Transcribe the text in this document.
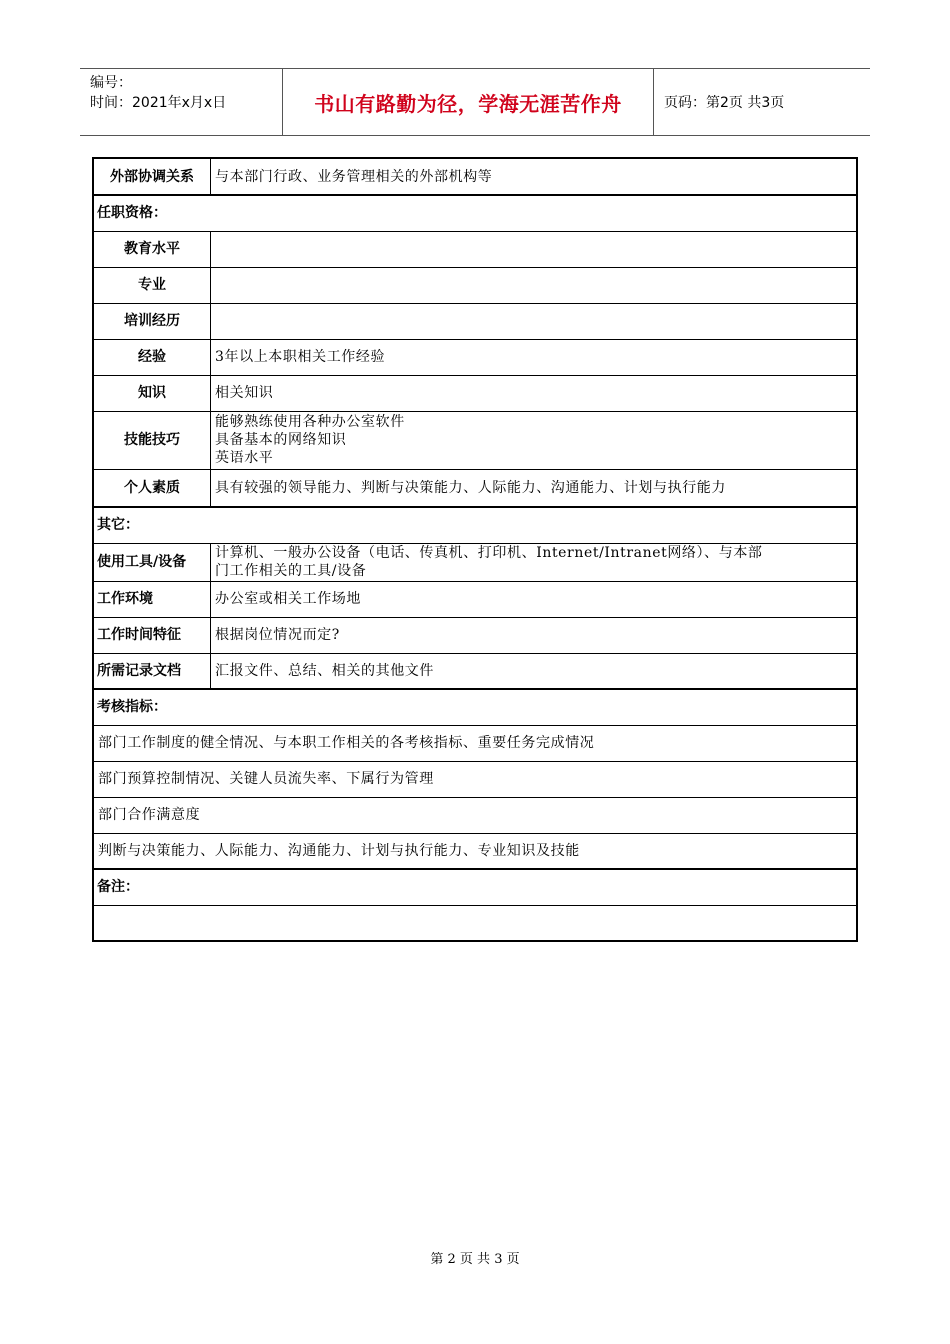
编号：
时间：2021年x月x日	书山有路勤为径，学海无涯苦作舟	页码：第2页 共3页
外部协调关系	与本部门行政、业务管理相关的外部机构等
任职资格：	
教育水平	
专业	
培训经历	
经验	3年以上本职相关工作经验
知识	相关知识
技能技巧	能够熟练使用各种办公室软件
具备基本的网络知识
英语水平

个人素质	具有较强的领导能力、判断与决策能力、人际能力、沟通能力、计划与执行能力
其它：	
使用工具/设备	计算机、一般办公设备（电话、传真机、打印机、Internet/Intranet网络）、与本部
门工作相关的工具/设备

工作环境	办公室或相关工作场地
工作时间特征	根据岗位情况而定?
所需记录文档	汇报文件、总结、相关的其他文件
考核指标：	
部门工作制度的健全情况、与本职工作相关的各考核指标、重要任务完成情况	
部门预算控制情况、关键人员流失率、下属行为管理	
部门合作满意度	
判断与决策能力、人际能力、沟通能力、计划与执行能力、专业知识及技能	
备注：	

第 2 页 共 3 页
